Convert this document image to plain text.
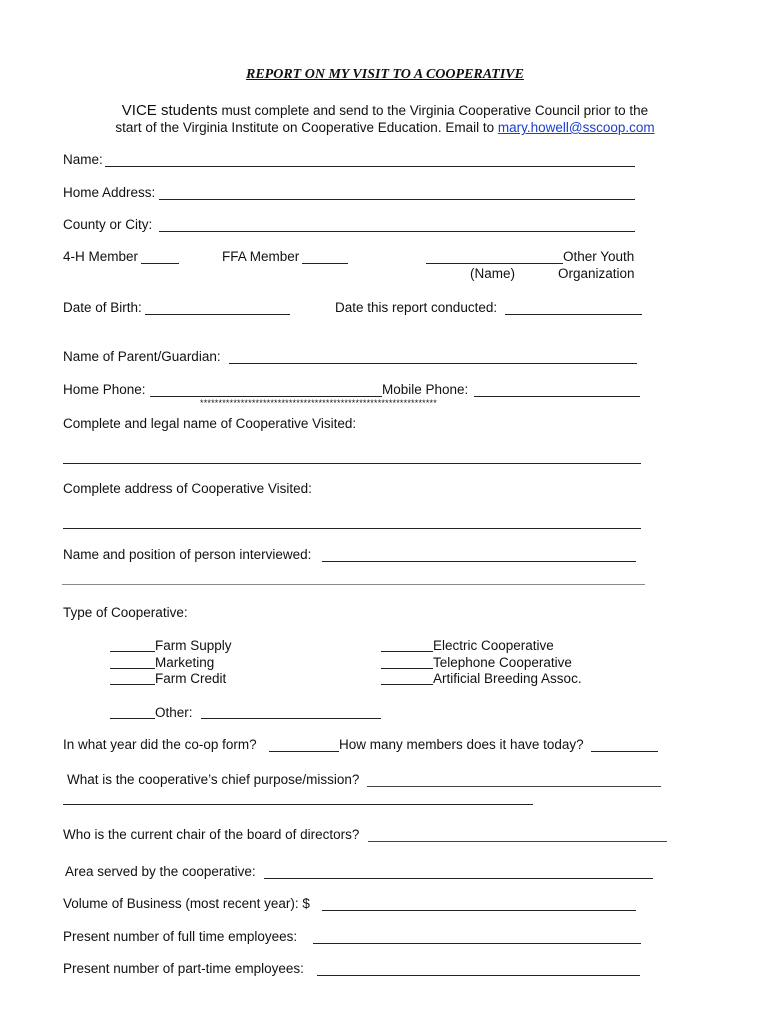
REPORT ON MY VISIT TO A COOPERATIVE
VICE students must complete and send to the Virginia Cooperative Council prior to the
start of the Virginia Institute on Cooperative Education. Email to mary.howell@sscoop.com
Name:
Home Address:
County or City:
4-H Member	FFA Member	Other Youth
(Name)	Organization
Date of Birth:	Date this report conducted:
Name of Parent/Guardian:
Home Phone:	Mobile Phone:
****************************************************************
Complete and legal name of Cooperative Visited:
Complete address of Cooperative Visited:
Name and position of person interviewed:
Type of Cooperative:
Farm Supply
Marketing
Farm Credit
Electric Cooperative
Telephone Cooperative
Artificial Breeding Assoc.
Other:
In what year did the co-op form?	How many members does it have today?
What is the cooperative’s chief purpose/mission?
Who is the current chair of the board of directors?
Area served by the cooperative:
Volume of Business (most recent year): $
Present number of full time employees:
Present number of part-time employees:
